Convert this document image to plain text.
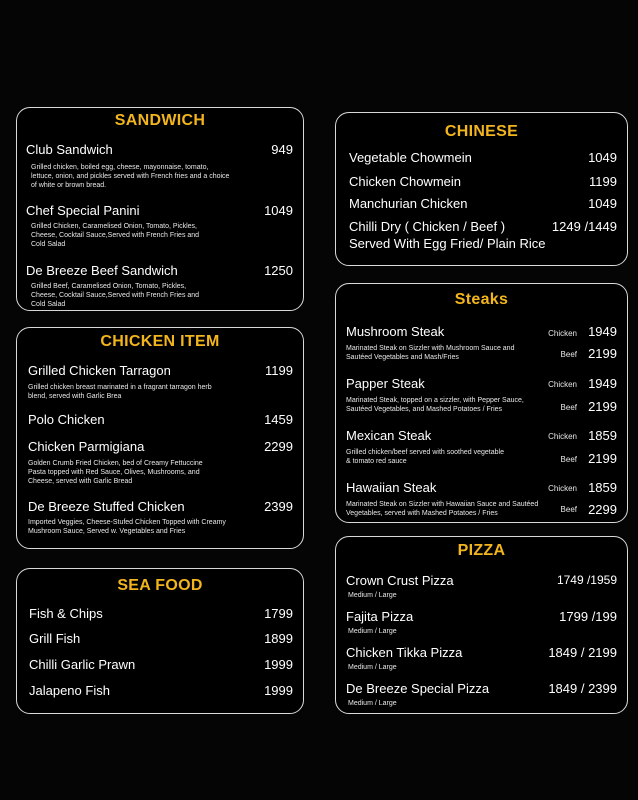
SANDWICH
Club Sandwich	949
Grilled chicken, boiled egg, cheese, mayonnaise, tomato, lettuce, onion, and pickles served with French fries and a choice of white or brown bread.
Chef Special Panini	1049
Grilled Chicken, Caramelised Onion, Tomato, Pickles, Cheese, Cocktail Sauce,Served with French Fries and Cold Salad
De Breeze Beef Sandwich	1250
Grilled Beef, Caramelised Onion, Tomato, Pickles, Cheese, Cocktail Sauce,Served with French Fries and Cold Salad
CHICKEN ITEM
Grilled Chicken Tarragon	1199
Grilled chicken breast marinated in a fragrant tarragon herb blend, served with Garlic Brea
Polo Chicken	1459
Chicken Parmigiana	2299
Golden Crumb Fried Chicken, bed of Creamy Fettuccine Pasta topped with Red Sauce, Olives, Mushrooms, and Cheese, served with Garlic Bread
De Breeze Stuffed Chicken	2399
Imported Veggies, Cheese-Stufed Chicken Topped with Creamy Mushroom Sauce, Served w. Vegetables and Fries
SEA FOOD
Fish & Chips	1799
Grill Fish	1899
Chilli Garlic Prawn	1999
Jalapeno Fish	1999
CHINESE
Vegetable Chowmein	1049
Chicken Chowmein	1199
Manchurian Chicken	1049
Chilli Dry ( Chicken / Beef )	1249 /1449
Served With Egg Fried/ Plain Rice
Steaks
Mushroom Steak	Chicken 1949
Marinated Steak on Sizzler with Mushroom Sauce and Sautéed Vegetables and Mash/Fries	Beef 2199
Papper Steak	Chicken 1949
Marinated Steak, topped on a sizzler, with Pepper Sauce, Sautéed Vegetables, and Mashed Potatoes / Fries	Beef 2199
Mexican Steak	Chicken 1859
Grilled chicken/beef served with soothed vegetable & tomato red sauce	Beef 2199
Hawaiian Steak	Chicken 1859
Marinated Steak on Sizzler with Hawaiian Sauce and Sautéed Vegetables, served with Mashed Potatoes / Fries	Beef 2299
PIZZA
Crown Crust Pizza	1749 /1959
Medium / Large
Fajita Pizza	1799 /199
Medium / Large
Chicken Tikka Pizza	1849 / 2199
Medium / Large
De Breeze Special Pizza	1849 / 2399
Medium / Large
